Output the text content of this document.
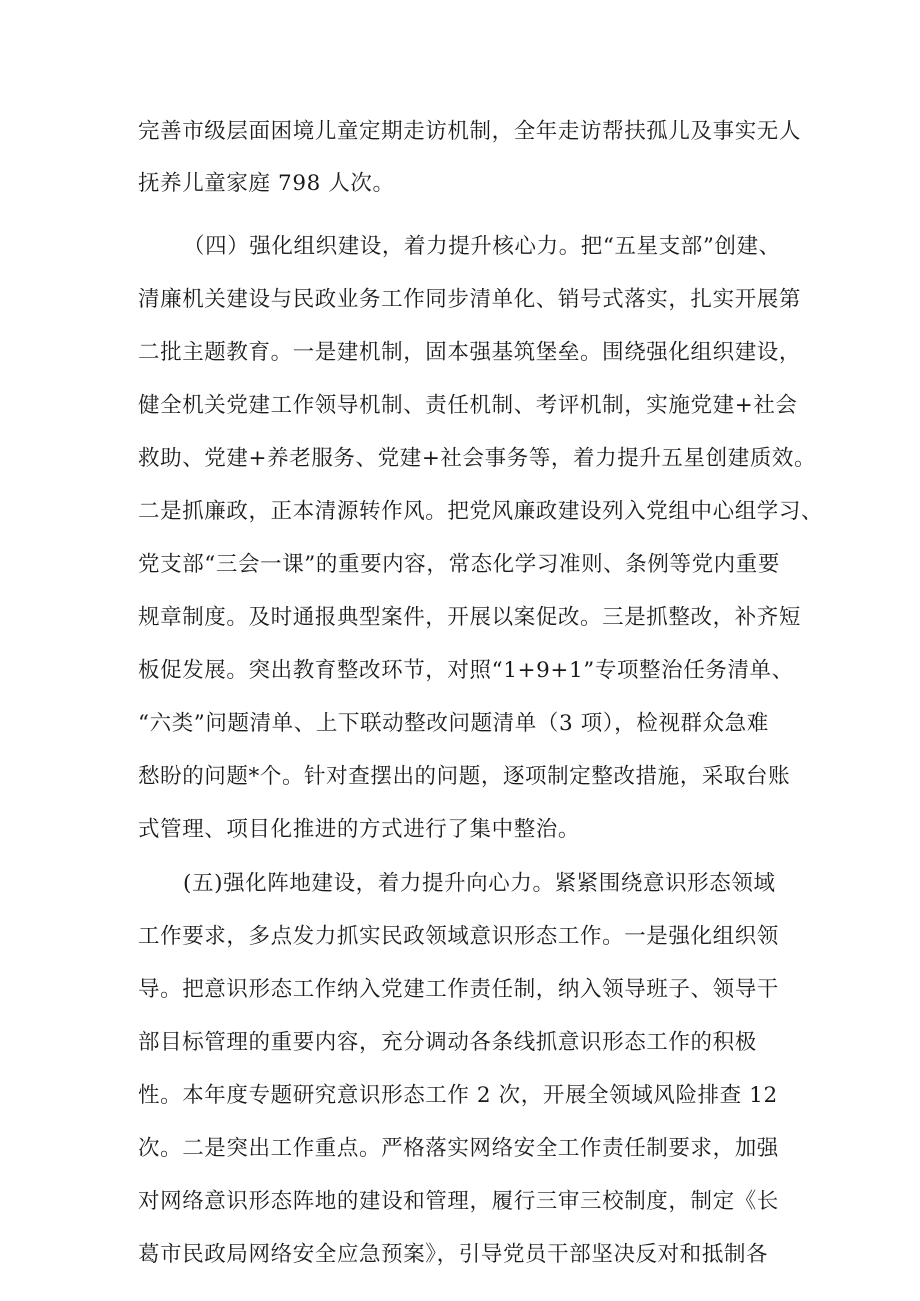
完善市级层面困境儿童定期走访机制，全年走访帮扶孤儿及事实无人
抚养儿童家庭 798 人次。
（四）强化组织建设，着力提升核心力。把“五星支部”创建、
清廉机关建设与民政业务工作同步清单化、销号式落实，扎实开展第
二批主题教育。一是建机制，固本强基筑堡垒。围绕强化组织建设，
健全机关党建工作领导机制、责任机制、考评机制，实施党建+社会
救助、党建+养老服务、党建+社会事务等，着力提升五星创建质效。
二是抓廉政，正本清源转作风。把党风廉政建设列入党组中心组学习、
党支部“三会一课”的重要内容，常态化学习准则、条例等党内重要
规章制度。及时通报典型案件，开展以案促改。三是抓整改，补齐短
板促发展。突出教育整改环节，对照“1+9+1”专项整治任务清单、
“六类”问题清单、上下联动整改问题清单（3 项），检视群众急难
愁盼的问题*个。针对查摆出的问题，逐项制定整改措施，采取台账
式管理、项目化推进的方式进行了集中整治。
(五)强化阵地建设，着力提升向心力。紧紧围绕意识形态领域
工作要求，多点发力抓实民政领域意识形态工作。一是强化组织领
导。把意识形态工作纳入党建工作责任制，纳入领导班子、领导干
部目标管理的重要内容，充分调动各条线抓意识形态工作的积极
性。本年度专题研究意识形态工作 2 次，开展全领域风险排查 12
次。二是突出工作重点。严格落实网络安全工作责任制要求，加强
对网络意识形态阵地的建设和管理，履行三审三校制度，制定《长
葛市民政局网络安全应急预案》，引导党员干部坚决反对和抵制各
